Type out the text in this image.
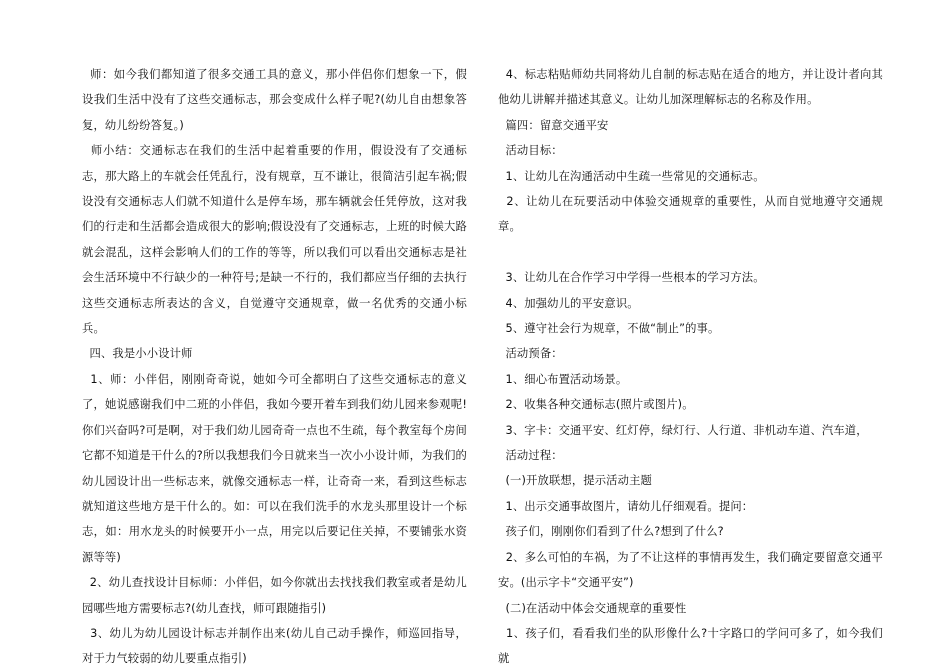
师：如今我们都知道了很多交通工具的意义，那小伴侣你们想象一下，假设我们生活中没有了这些交通标志，那会变成什么样子呢?(幼儿自由想象答复，幼儿纷纷答复。)

师小结：交通标志在我们的生活中起着重要的作用，假设没有了交通标志，那大路上的车就会任凭乱行，没有规章，互不谦让，很简洁引起车祸;假设没有交通标志人们就不知道什么是停车场，那车辆就会任凭停放，这对我们的行走和生活都会造成很大的影响;假设没有了交通标志，上班的时候大路就会混乱，这样会影响人们的工作的等等，所以我们可以看出交通标志是社会生活环境中不行缺少的一种符号;是缺一不行的，我们都应当仔细的去执行这些交通标志所表达的含义，自觉遵守交通规章，做一名优秀的交通小标兵。

四、我是小小设计师

1、师：小伴侣，刚刚奇奇说，她如今可全都明白了这些交通标志的意义了，她说感谢我们中二班的小伴侣，我如今要开着车到我们幼儿园来参观呢!你们兴奋吗?可是啊，对于我们幼儿园奇奇一点也不生疏，每个教室每个房间它都不知道是干什么的?所以我想我们今日就来当一次小小设计师，为我们的幼儿园设计出一些标志来，就像交通标志一样，让奇奇一来，看到这些标志就知道这些地方是干什么的。如：可以在我们洗手的水龙头那里设计一个标志，如：用水龙头的时候要开小一点，用完以后要记住关掉，不要铺张水资源等等)

2、幼儿查找设计目标师：小伴侣，如今你就出去找找我们教室或者是幼儿园哪些地方需要标志?(幼儿查找，师可跟随指引)

3、幼儿为幼儿园设计标志并制作出来(幼儿自己动手操作，师巡回指导，对于力气较弱的幼儿要重点指引)

4、标志粘贴师幼共同将幼儿自制的标志贴在适合的地方，并让设计者向其他幼儿讲解并描述其意义。让幼儿加深理解标志的名称及作用。

篇四：留意交通平安

活动目标：

1、让幼儿在沟通活动中生疏一些常见的交通标志。

2、让幼儿在玩要活动中体验交通规章的重要性，从而自觉地遵守交通规章。

3、让幼儿在合作学习中学得一些根本的学习方法。

4、加强幼儿的平安意识。

5、遵守社会行为规章，不做“制止”的事。

活动预备：

1、细心布置活动场景。

2、收集各种交通标志(照片或图片)。

3、字卡：交通平安、红灯停，绿灯行、人行道、非机动车道、汽车道，

活动过程：

(一)开放联想，提示活动主题

1、出示交通事故图片，请幼儿仔细观看。提问：

孩子们，刚刚你们看到了什么?想到了什么?

2、多么可怕的车祸，为了不让这样的事情再发生，我们确定要留意交通平安。(出示字卡“交通平安”)

(二)在活动中体会交通规章的重要性

1、孩子们，看看我们坐的队形像什么?十字路口的学问可多了，如今我们就
